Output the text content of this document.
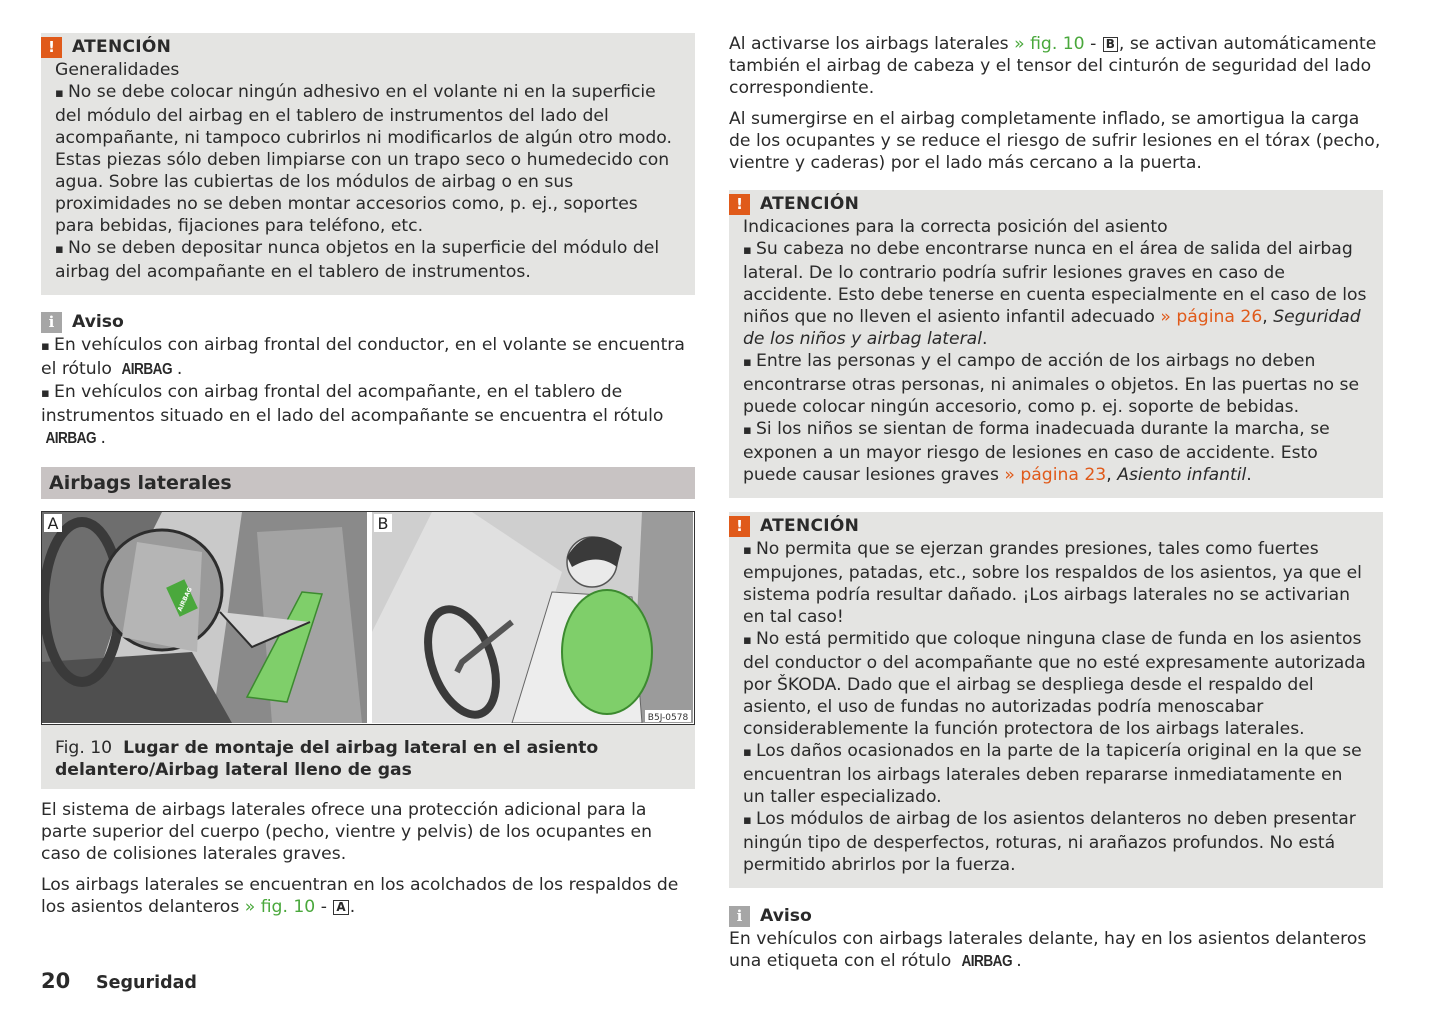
!	ATENCIÓN

Generalidades

▪ No se debe colocar ningún adhesivo en el volante ni en la superficie del módulo del airbag en el tablero de instrumentos del lado del acompañante, ni tampoco cubrirlos ni modificarlos de algún otro modo. Estas piezas sólo deben limpiarse con un trapo seco o humedecido con agua. Sobre las cubiertas de los módulos de airbag o en sus proximidades no se deben montar accesorios como, p. ej., soportes para bebidas, fijaciones para teléfono, etc.

▪ No se deben depositar nunca objetos en la superficie del módulo del airbag del acompañante en el tablero de instrumentos.

i	Aviso

▪ En vehículos con airbag frontal del conductor, en el volante se encuentra el rótulo AIRBAG .

▪ En vehículos con airbag frontal del acompañante, en el tablero de instrumentos situado en el lado del acompañante se encuentra el rótulo AIRBAG .

Airbags laterales
AIRBAG
A	B
B5J-0578
Fig. 10 Lugar de montaje del airbag lateral en el asiento delantero/Airbag lateral lleno de gas

El sistema de airbags laterales ofrece una protección adicional para la parte superior del cuerpo (pecho, vientre y pelvis) de los ocupantes en caso de colisiones laterales graves.

Los airbags laterales se encuentran en los acolchados de los respaldos de los asientos delanteros » fig. 10 - A .

Al activarse los airbags laterales » fig. 10 - B , se activan automáticamente también el airbag de cabeza y el tensor del cinturón de seguridad del lado correspondiente.

Al sumergirse en el airbag completamente inflado, se amortigua la carga de los ocupantes y se reduce el riesgo de sufrir lesiones en el tórax (pecho, vientre y caderas) por el lado más cercano a la puerta.

!	ATENCIÓN

Indicaciones para la correcta posición del asiento

▪ Su cabeza no debe encontrarse nunca en el área de salida del airbag lateral. De lo contrario podría sufrir lesiones graves en caso de accidente. Esto debe tenerse en cuenta especialmente en el caso de los niños que no lleven el asiento infantil adecuado » página 26, Seguridad de los niños y airbag lateral.

▪ Entre las personas y el campo de acción de los airbags no deben encontrarse otras personas, ni animales o objetos. En las puertas no se puede colocar ningún accesorio, como p. ej. soporte de bebidas.

▪ Si los niños se sientan de forma inadecuada durante la marcha, se exponen a un mayor riesgo de lesiones en caso de accidente. Esto puede causar lesiones graves » página 23, Asiento infantil.

!	ATENCIÓN

▪ No permita que se ejerzan grandes presiones, tales como fuertes empujones, patadas, etc., sobre los respaldos de los asientos, ya que el sistema podría resultar dañado. ¡Los airbags laterales no se activarian en tal caso!

▪ No está permitido que coloque ninguna clase de funda en los asientos del conductor o del acompañante que no esté expresamente autorizada por ŠKODA. Dado que el airbag se despliega desde el respaldo del asiento, el uso de fundas no autorizadas podría menoscabar considerablemente la función protectora de los airbags laterales.

▪ Los daños ocasionados en la parte de la tapicería original en la que se encuentran los airbags laterales deben repararse inmediatamente en un taller especializado.

▪ Los módulos de airbag de los asientos delanteros no deben presentar ningún tipo de desperfectos, roturas, ni arañazos profundos. No está permitido abrirlos por la fuerza.

i	Aviso

En vehículos con airbags laterales delante, hay en los asientos delanteros una etiqueta con el rótulo AIRBAG .

20 Seguridad
